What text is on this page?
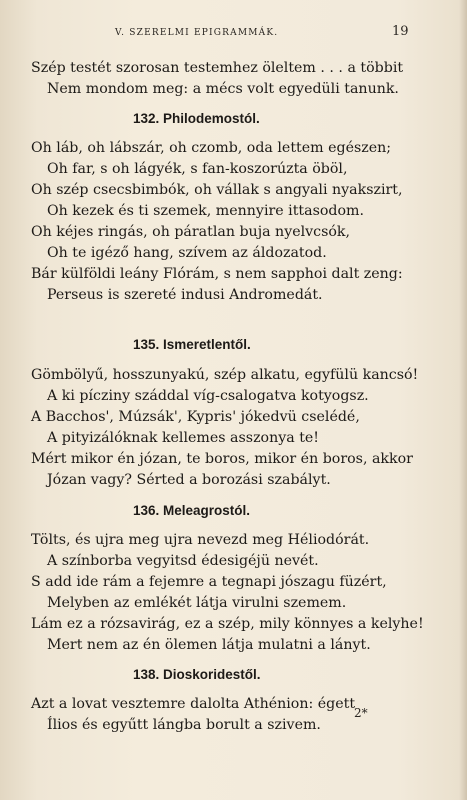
V. SZERELMI EPIGRAMMÁK.	19
Szép testét szorosan testemhez öleltem . . . a többit
Nem mondom meg: a mécs volt egyedüli tanunk.
132. Philodemostól.
Oh láb, oh lábszár, oh czomb, oda lettem egészen;
Oh far, s oh lágyék, s fan-koszorúzta öböl,
Oh szép csecsbimbók, oh vállak s angyali nyakszirt,
Oh kezek és ti szemek, mennyire ittasodom.
Oh kéjes ringás, oh páratlan buja nyelvcsók,
Oh te igéző hang, szívem az áldozatod.
Bár külföldi leány Flórám, s nem sapphoi dalt zeng:
Perseus is szereté indusi Andromedát.
135. Ismeretlentől.
Gömbölyű, hosszunyakú, szép alkatu, egyfülü kancsó!
A ki pícziny száddal víg-csalogatva kotyogsz.
A Bacchos', Múzsák', Kypris' jókedvü cselédé,
A pityizálóknak kellemes asszonya te!
Mért mikor én józan, te boros, mikor én boros, akkor
Józan vagy? Sérted a borozási szabályt.
136. Meleagrostól.
Tölts, és ujra meg ujra nevezd meg Héliodórát.
A színborba vegyitsd édesigéjü nevét.
S add ide rám a fejemre a tegnapi jószagu füzért,
Melyben az emlékét látja virulni szemem.
Lám ez a rózsavirág, ez a szép, mily könnyes a kelyhe!
Mert nem az én ölemen látja mulatni a lányt.
138. Dioskoridestől.
Azt a lovat vesztemre dalolta Athénion: égett
Ílios és egyűtt lángba borult a szivem.
2*
